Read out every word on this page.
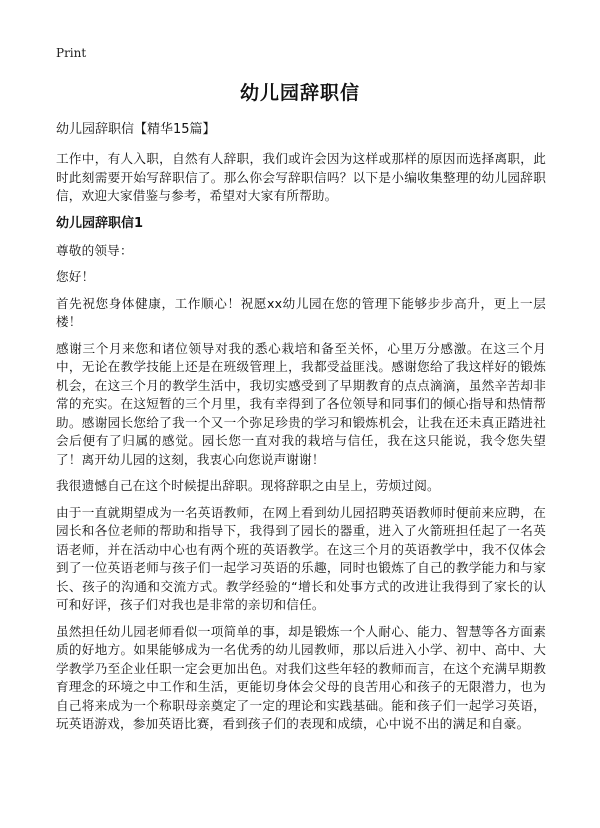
Print
幼儿园辞职信

幼儿园辞职信【精华15篇】

工作中，有人入职，自然有人辞职，我们或许会因为这样或那样的原因而选择离职，此时此刻需要开始写辞职信了。那么你会写辞职信吗？以下是小编收集整理的幼儿园辞职信，欢迎大家借鉴与参考，希望对大家有所帮助。

幼儿园辞职信1

尊敬的领导：

您好！

首先祝您身体健康，工作顺心！祝愿xx幼儿园在您的管理下能够步步高升，更上一层楼！

感谢三个月来您和诸位领导对我的悉心栽培和备至关怀，心里万分感激。在这三个月中，无论在教学技能上还是在班级管理上，我都受益匪浅。感谢您给了我这样好的锻炼机会，在这三个月的教学生活中，我切实感受到了早期教育的点点滴滴，虽然辛苦却非常的充实。在这短暂的三个月里，我有幸得到了各位领导和同事们的倾心指导和热情帮助。感谢园长您给了我一个又一个弥足珍贵的学习和锻炼机会，让我在还未真正踏进社会后便有了归属的感觉。园长您一直对我的栽培与信任，我在这只能说，我令您失望了！离开幼儿园的这刻，我衷心向您说声谢谢！

我很遗憾自己在这个时候提出辞职。现将辞职之由呈上，劳烦过阅。

由于一直就期望成为一名英语教师，在网上看到幼儿园招聘英语教师时便前来应聘，在园长和各位老师的帮助和指导下，我得到了园长的器重，进入了火箭班担任起了一名英语老师，并在活动中心也有两个班的英语教学。在这三个月的英语教学中，我不仅体会到了一位英语老师与孩子们一起学习英语的乐趣，同时也锻炼了自己的教学能力和与家长、孩子的沟通和交流方式。教学经验的“增长和处事方式的改进让我得到了家长的认可和好评，孩子们对我也是非常的亲切和信任。

虽然担任幼儿园老师看似一项简单的事，却是锻炼一个人耐心、能力、智慧等各方面素质的好地方。如果能够成为一名优秀的幼儿园教师，那以后进入小学、初中、高中、大学教学乃至企业任职一定会更加出色。对我们这些年轻的教师而言，在这个充满早期教育理念的环境之中工作和生活，更能切身体会父母的良苦用心和孩子的无限潜力，也为自己将来成为一个称职母亲奠定了一定的理论和实践基础。能和孩子们一起学习英语，玩英语游戏，参加英语比赛，看到孩子们的表现和成绩，心中说不出的满足和自豪。
